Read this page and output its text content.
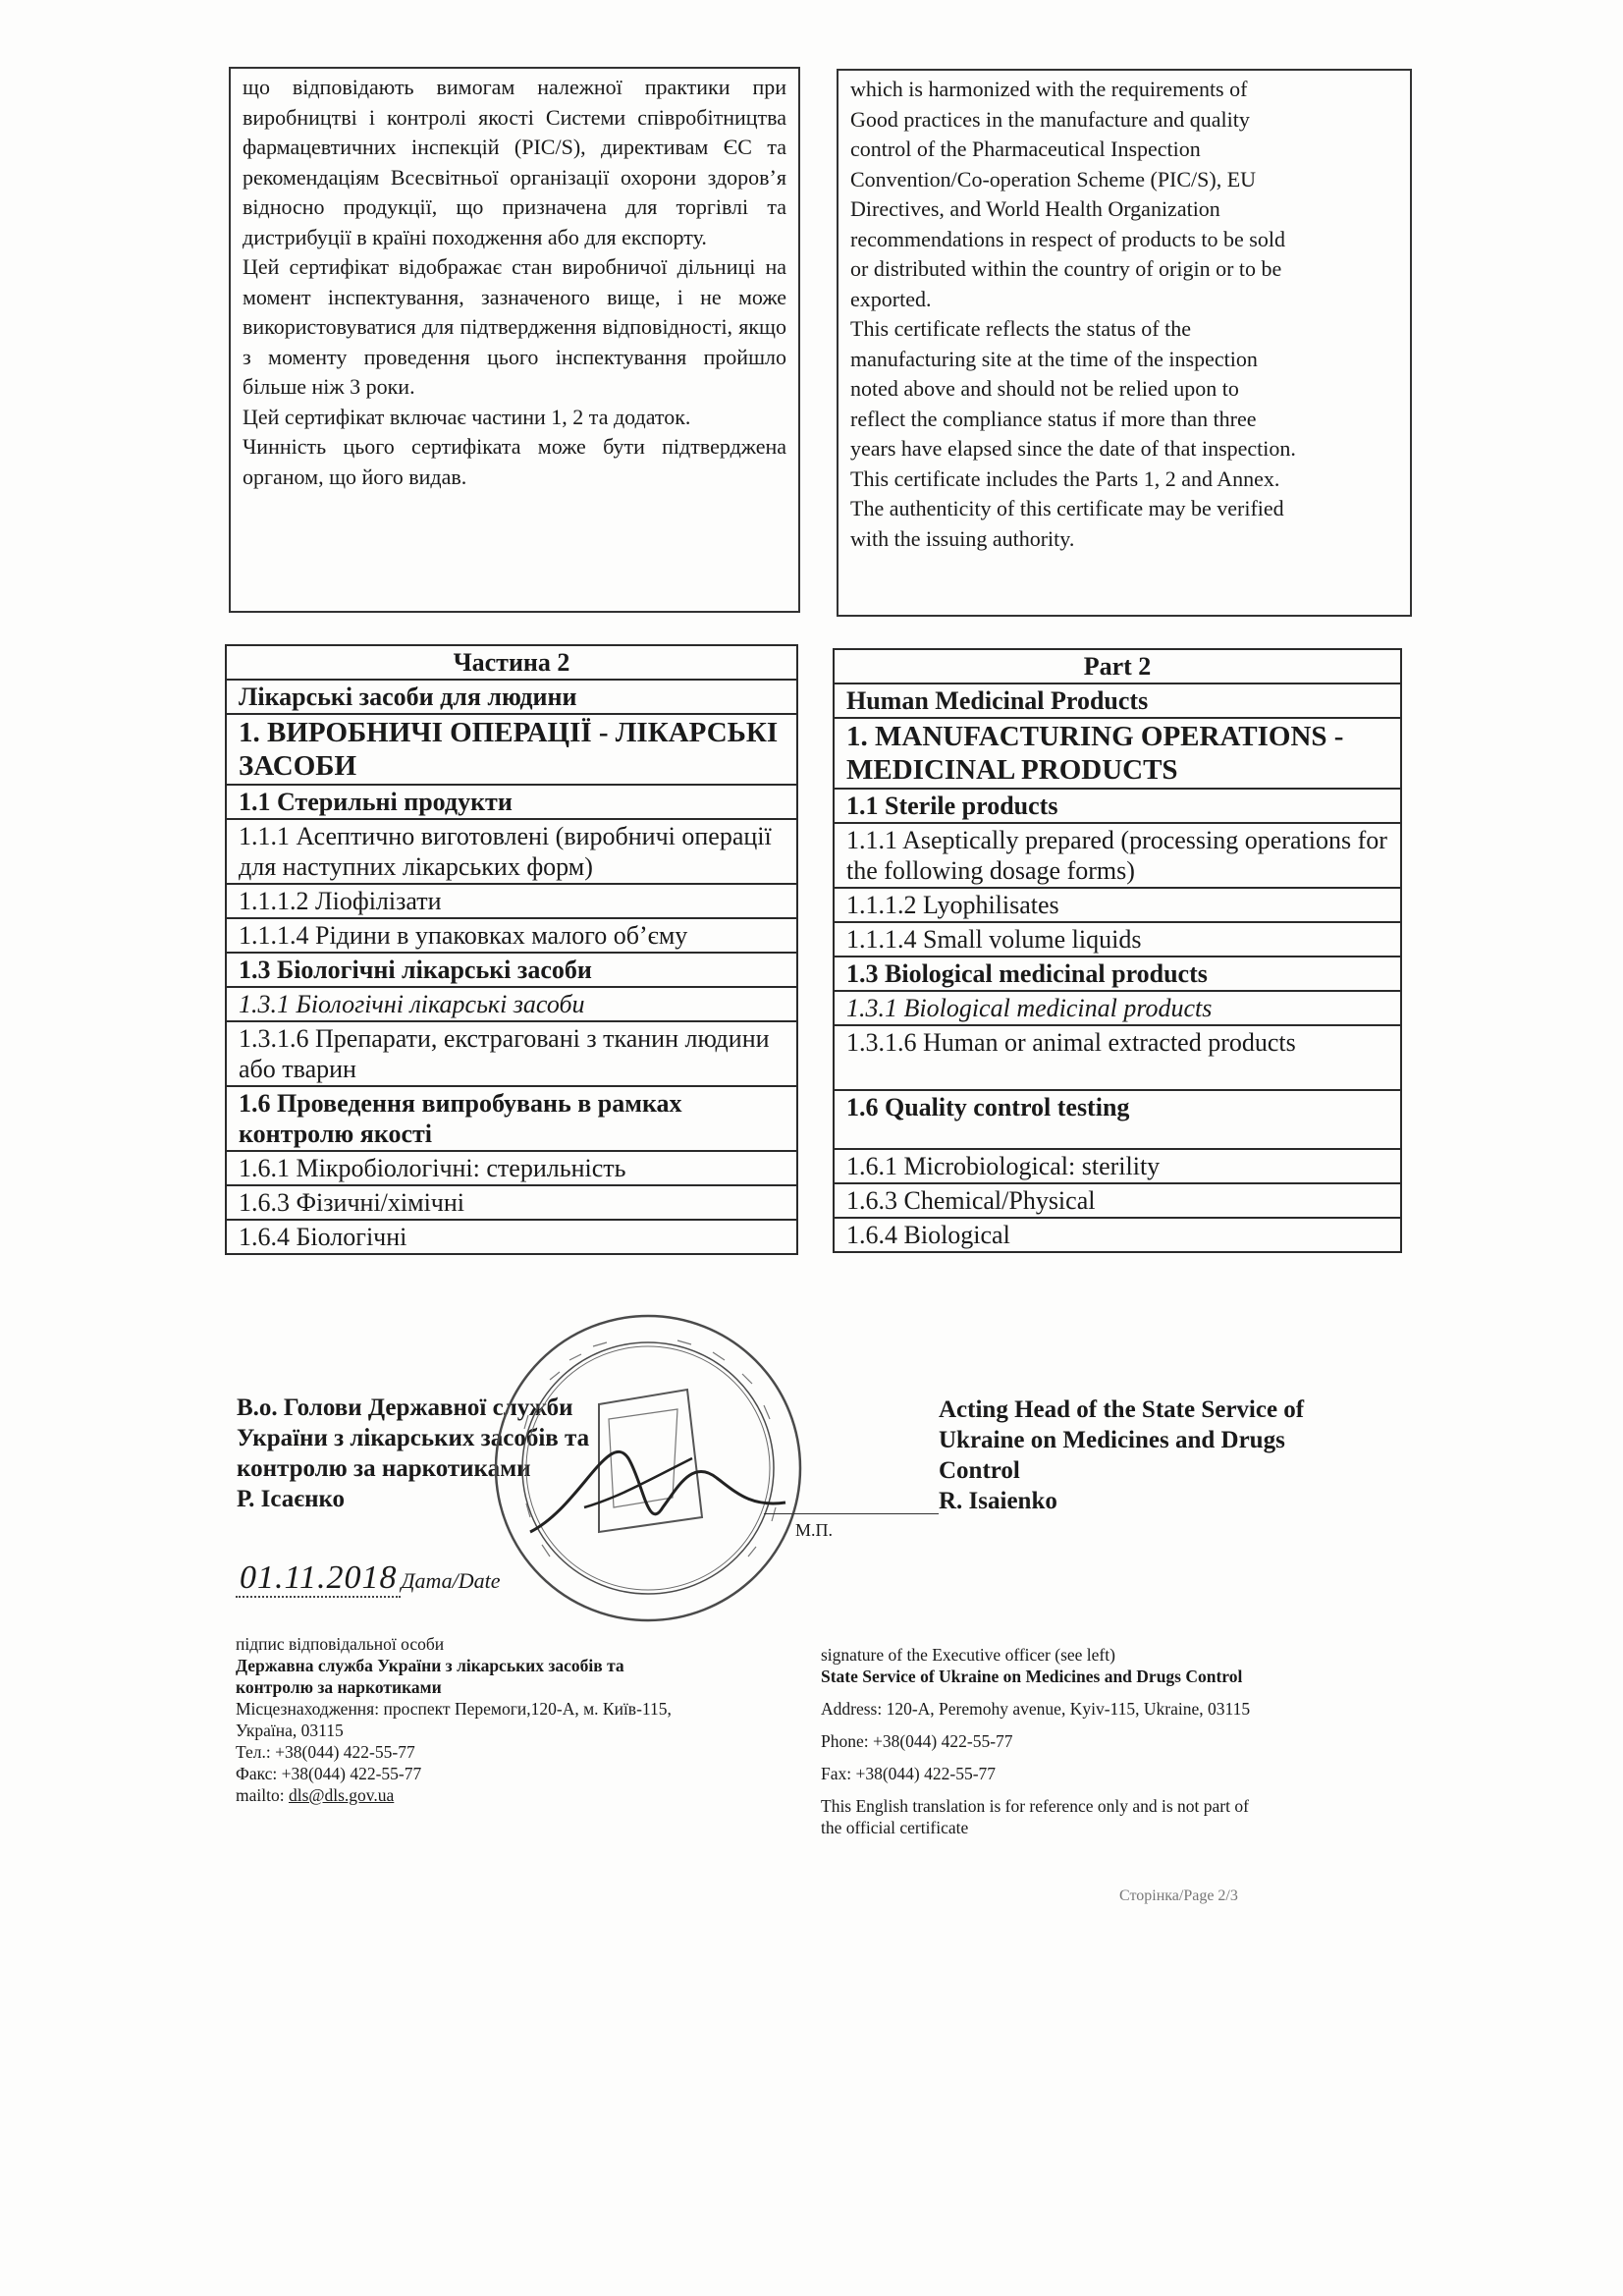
що відповідають вимогам належної практики при виробництві і контролі якості Системи співробітництва фармацевтичних інспекцій (PIC/S), директивам ЄС та рекомендаціям Всесвітньої організації охорони здоров’я відносно продукції, що призначена для торгівлі та дистрибуції в країні походження або для експорту.

Цей сертифікат відображає стан виробничої дільниці на момент інспектування, зазначеного вище, і не може використовуватися для підтвердження відповідності, якщо з моменту проведення цього інспектування пройшло більше ніж 3 роки.

Цей сертифікат включає частини 1, 2 та додаток.

Чинність цього сертифіката може бути підтверджена органом, що його видав.

which is harmonized with the requirements of

Good practices in the manufacture and quality

control of the Pharmaceutical Inspection

Convention/Co-operation Scheme (PIC/S), EU

Directives, and World Health Organization

recommendations in respect of products to be sold

or distributed within the country of origin or to be

exported.

This certificate reflects the status of the

manufacturing site at the time of the inspection

noted above and should not be relied upon to

reflect the compliance status if more than three

years have elapsed since the date of that inspection.

This certificate includes the Parts 1, 2 and Annex.

The authenticity of this certificate may be verified

with the issuing authority.

Частина 2
Лікарські засоби для людини
1. ВИРОБНИЧІ ОПЕРАЦІЇ - ЛІКАРСЬКІ ЗАСОБИ
1.1 Стерильні продукти
1.1.1 Асептично виготовлені (виробничі операції для наступних лікарських форм)
1.1.1.2 Ліофілізати
1.1.1.4 Рідини в упаковках малого об’єму
1.3 Біологічні лікарські засоби
1.3.1 Біологічні лікарські засоби
1.3.1.6 Препарати, екстраговані з тканин людини або тварин
1.6 Проведення випробувань в рамках контролю якості
1.6.1 Мікробіологічні: стерильність
1.6.3 Фізичні/хімічні
1.6.4 Біологічні
Part 2
Human Medicinal Products
1. MANUFACTURING OPERATIONS - MEDICINAL PRODUCTS
1.1 Sterile products
1.1.1 Aseptically prepared (processing operations for the following dosage forms)
1.1.1.2 Lyophilisates
1.1.1.4 Small volume liquids
1.3 Biological medicinal products
1.3.1 Biological medicinal products
1.3.1.6 Human or animal extracted products
1.6 Quality control testing
1.6.1 Microbiological: sterility
1.6.3 Chemical/Physical
1.6.4 Biological
В.о. Голови Державної служби
України з лікарських засобів та
контролю за наркотиками
Р. Ісаєнко
Acting Head of the State Service of
Ukraine on Medicines and Drugs
Control
R. Isaienko
М.П.
01.11.2018 Дата/Date
підпис відповідальної особи
Державна служба України з лікарських засобів та
контролю за наркотиками
Місцезнаходження: проспект Перемоги,120-А, м. Київ-115,
Україна, 03115
Тел.: +38(044) 422-55-77
Факс: +38(044) 422-55-77
mailto: dls@dls.gov.ua
signature of the Executive officer (see left)
State Service of Ukraine on Medicines and Drugs Control
Address: 120-A, Peremohy avenue, Kyiv-115, Ukraine, 03115
Phone: +38(044) 422-55-77
Fax: +38(044) 422-55-77
This English translation is for reference only and is not part of
the official certificate
Сторінка/Page 2/3
